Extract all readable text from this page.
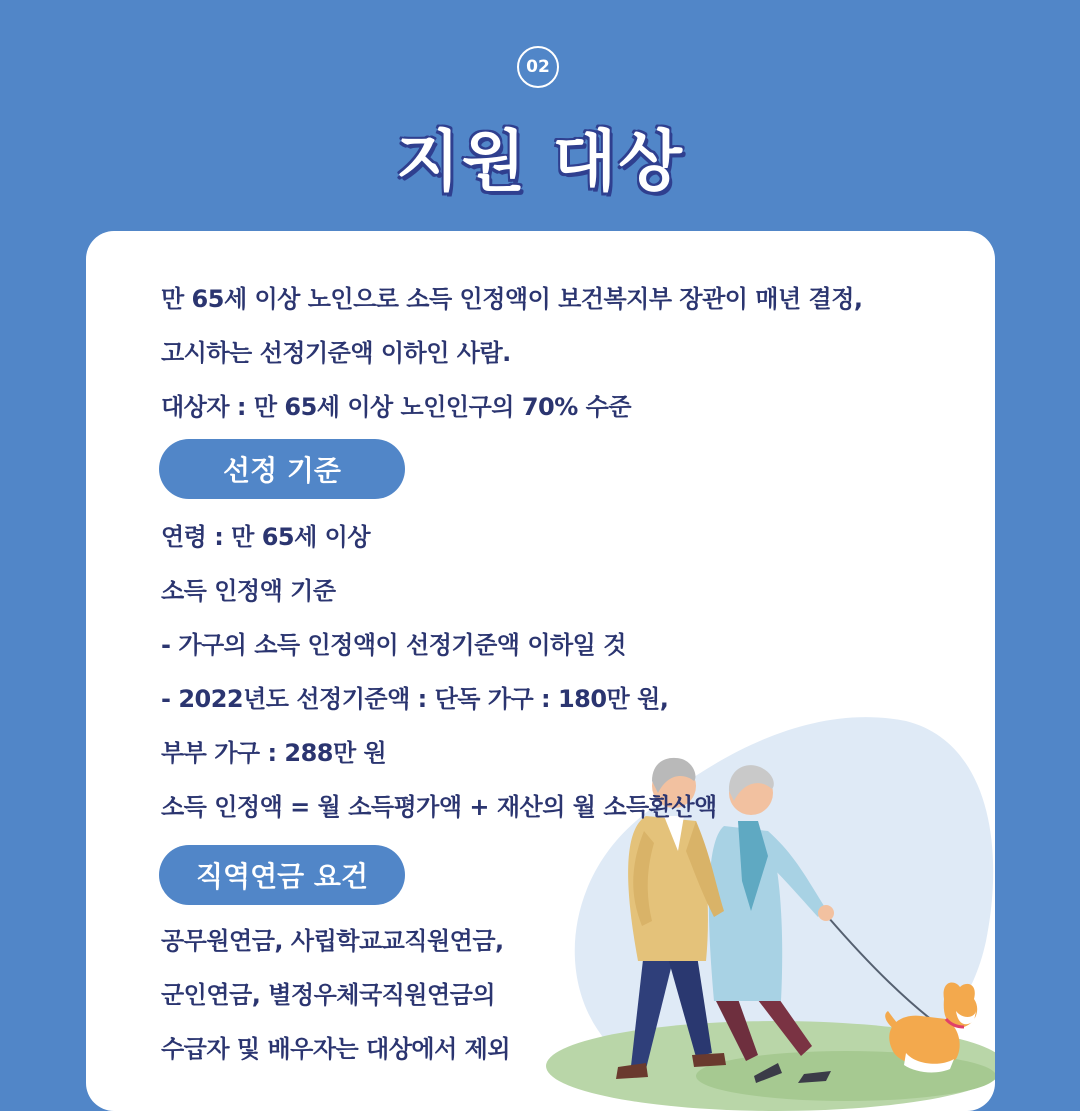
02
지원 대상
만 65세 이상 노인으로 소득 인정액이 보건복지부 장관이 매년 결정,
고시하는 선정기준액 이하인 사람.
대상자 : 만 65세 이상 노인인구의 70% 수준
선정 기준
연령 : 만 65세 이상
소득 인정액 기준
- 가구의 소득 인정액이 선정기준액 이하일 것
- 2022년도 선정기준액 : 단독 가구 : 180만 원,
부부 가구 : 288만 원
소득 인정액 = 월 소득평가액 + 재산의 월 소득환산액
직역연금 요건
공무원연금, 사립학교교직원연금,
군인연금, 별정우체국직원연금의
수급자 및 배우자는 대상에서 제외
